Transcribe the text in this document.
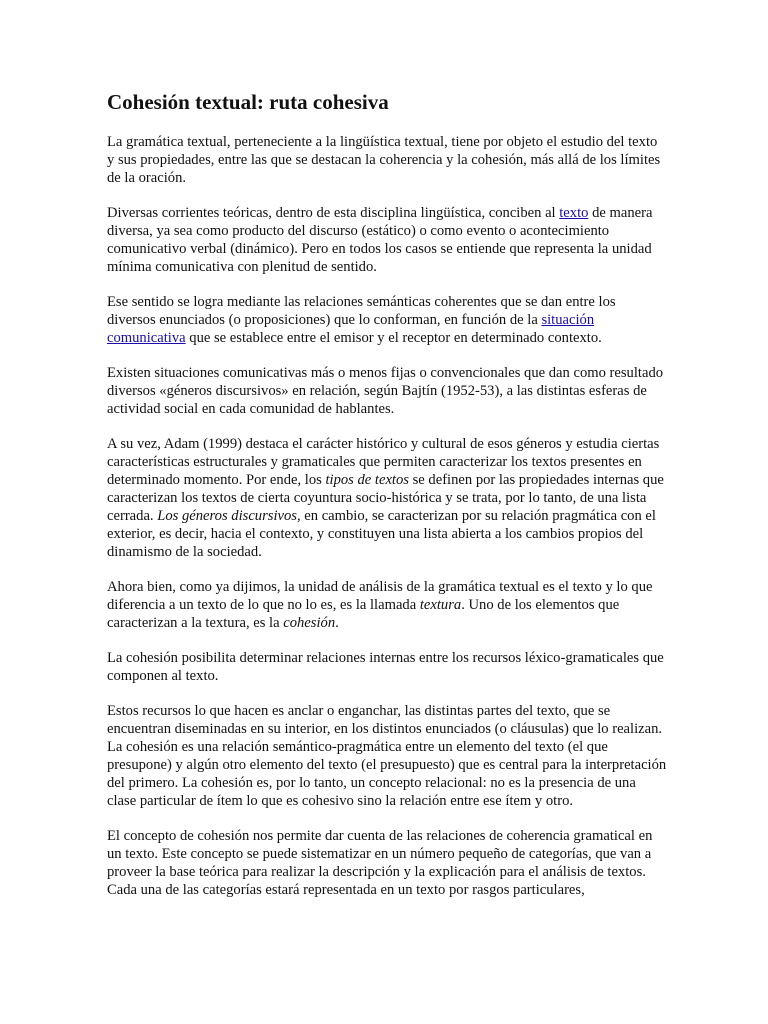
Cohesión textual: ruta cohesiva

La gramática textual, perteneciente a la lingüística textual, tiene por objeto el estudio del texto y sus propiedades, entre las que se destacan la coherencia y la cohesión, más allá de los límites de la oración.

Diversas corrientes teóricas, dentro de esta disciplina lingüística, conciben al texto de manera diversa, ya sea como producto del discurso (estático) o como evento o acontecimiento comunicativo verbal (dinámico). Pero en todos los casos se entiende que representa la unidad mínima comunicativa con plenitud de sentido.

Ese sentido se logra mediante las relaciones semánticas coherentes que se dan entre los diversos enunciados (o proposiciones) que lo conforman, en función de la situación comunicativa que se establece entre el emisor y el receptor en determinado contexto.

Existen situaciones comunicativas más o menos fijas o convencionales que dan como resultado diversos «géneros discursivos» en relación, según Bajtín (1952-53), a las distintas esferas de actividad social en cada comunidad de hablantes.

A su vez, Adam (1999) destaca el carácter histórico y cultural de esos géneros y estudia ciertas características estructurales y gramaticales que permiten caracterizar los textos presentes en determinado momento. Por ende, los tipos de textos se definen por las propiedades internas que caracterizan los textos de cierta coyuntura socio-histórica y se trata, por lo tanto, de una lista cerrada. Los géneros discursivos, en cambio, se caracterizan por su relación pragmática con el exterior, es decir, hacia el contexto, y constituyen una lista abierta a los cambios propios del dinamismo de la sociedad.

Ahora bien, como ya dijimos, la unidad de análisis de la gramática textual es el texto y lo que diferencia a un texto de lo que no lo es, es la llamada textura. Uno de los elementos que caracterizan a la textura, es la cohesión.

La cohesión posibilita determinar relaciones internas entre los recursos léxico-gramaticales que componen al texto.

Estos recursos lo que hacen es anclar o enganchar, las distintas partes del texto, que se encuentran diseminadas en su interior, en los distintos enunciados (o cláusulas) que lo realizan. La cohesión es una relación semántico-pragmática entre un elemento del texto (el que presupone) y algún otro elemento del texto (el presupuesto) que es central para la interpretación del primero. La cohesión es, por lo tanto, un concepto relacional: no es la presencia de una clase particular de ítem lo que es cohesivo sino la relación entre ese ítem y otro.

El concepto de cohesión nos permite dar cuenta de las relaciones de coherencia gramatical en un texto. Este concepto se puede sistematizar en un número pequeño de categorías, que van a proveer la base teórica para realizar la descripción y la explicación para el análisis de textos. Cada una de las categorías estará representada en un texto por rasgos particulares,
